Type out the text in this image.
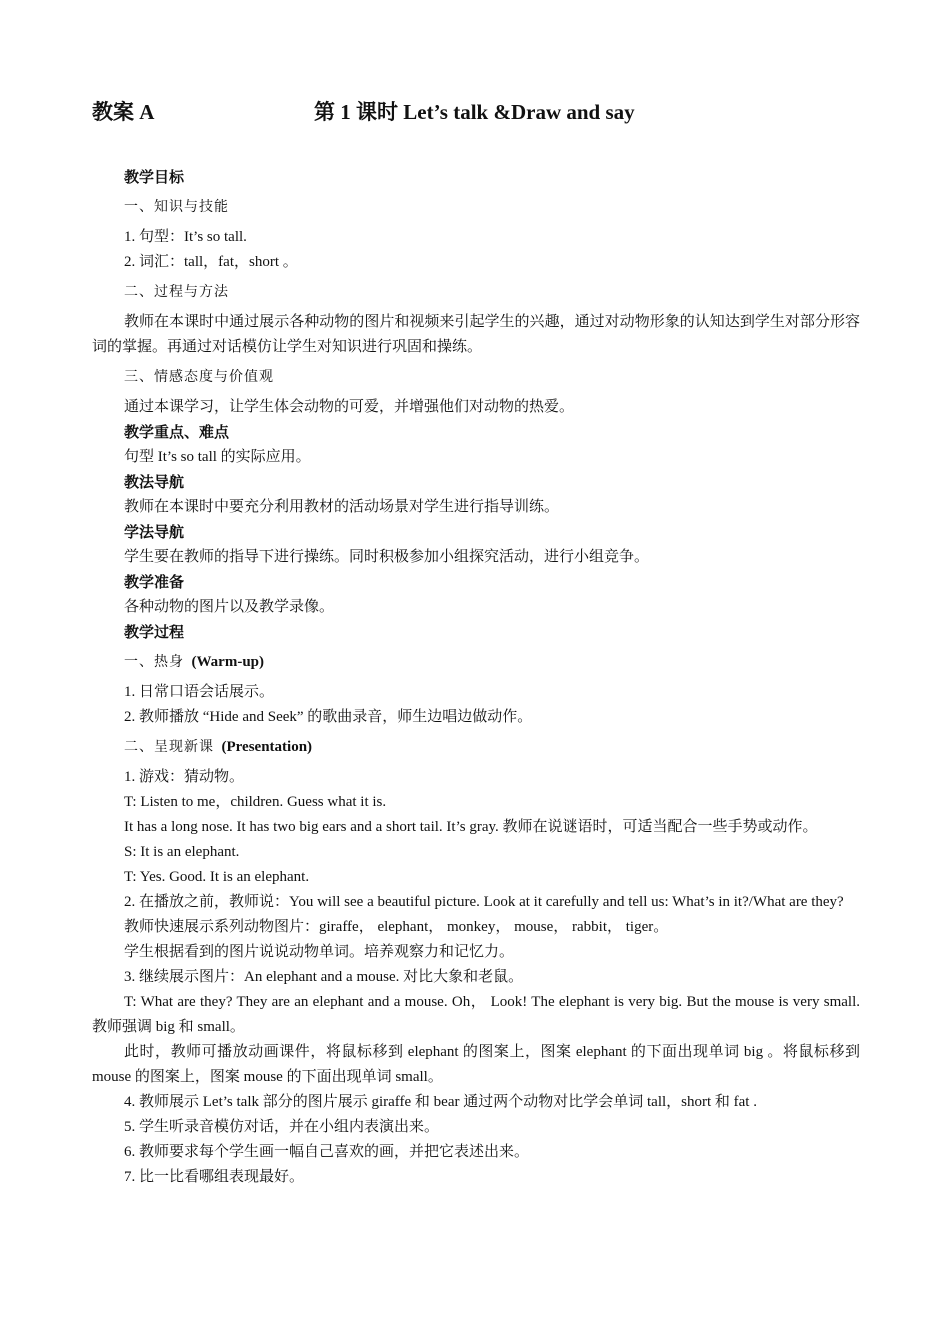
教案 A	第 1 课时 Let’s talk &Draw and say

教学目标

一、知识与技能

1. 句型：It’s so tall.

2. 词汇：tall，fat，short 。

二、过程与方法

教师在本课时中通过展示各种动物的图片和视频来引起学生的兴趣，通过对动物形象的认知达到学生对部分形容词的掌握。再通过对话模仿让学生对知识进行巩固和操练。

三、情感态度与价值观

通过本课学习，让学生体会动物的可爱，并增强他们对动物的热爱。

教学重点、难点

句型 It’s so tall 的实际应用。

教法导航

教师在本课时中要充分利用教材的活动场景对学生进行指导训练。

学法导航

学生要在教师的指导下进行操练。同时积极参加小组探究活动，进行小组竞争。

教学准备

各种动物的图片以及教学录像。

教学过程

一、热身 (Warm-up)

1. 日常口语会话展示。

2. 教师播放 “Hide and Seek” 的歌曲录音，师生边唱边做动作。

二、呈现新课 (Presentation)

1. 游戏：猜动物。

T: Listen to me，children. Guess what it is.

It has a long nose. It has two big ears and a short tail. It’s gray. 教师在说谜语时，可适当配合一些手势或动作。

S: It is an elephant.

T: Yes. Good. It is an elephant.

2. 在播放之前，教师说：You will see a beautiful picture. Look at it carefully and tell us: What’s in it?/What are they?

教师快速展示系列动物图片：giraffe， elephant， monkey， mouse， rabbit， tiger。

学生根据看到的图片说说动物单词。培养观察力和记忆力。

3. 继续展示图片：An elephant and a mouse. 对比大象和老鼠。

T: What are they? They are an elephant and a mouse. Oh， Look! The elephant is very big. But the mouse is very small. 教师强调 big 和 small。

此时，教师可播放动画课件，将鼠标移到 elephant 的图案上，图案 elephant 的下面出现单词 big 。将鼠标移到 mouse 的图案上，图案 mouse 的下面出现单词 small。

4. 教师展示 Let’s talk 部分的图片展示 giraffe 和 bear 通过两个动物对比学会单词 tall，short 和 fat .

5. 学生听录音模仿对话，并在小组内表演出来。

6. 教师要求每个学生画一幅自己喜欢的画，并把它表述出来。

7. 比一比看哪组表现最好。
